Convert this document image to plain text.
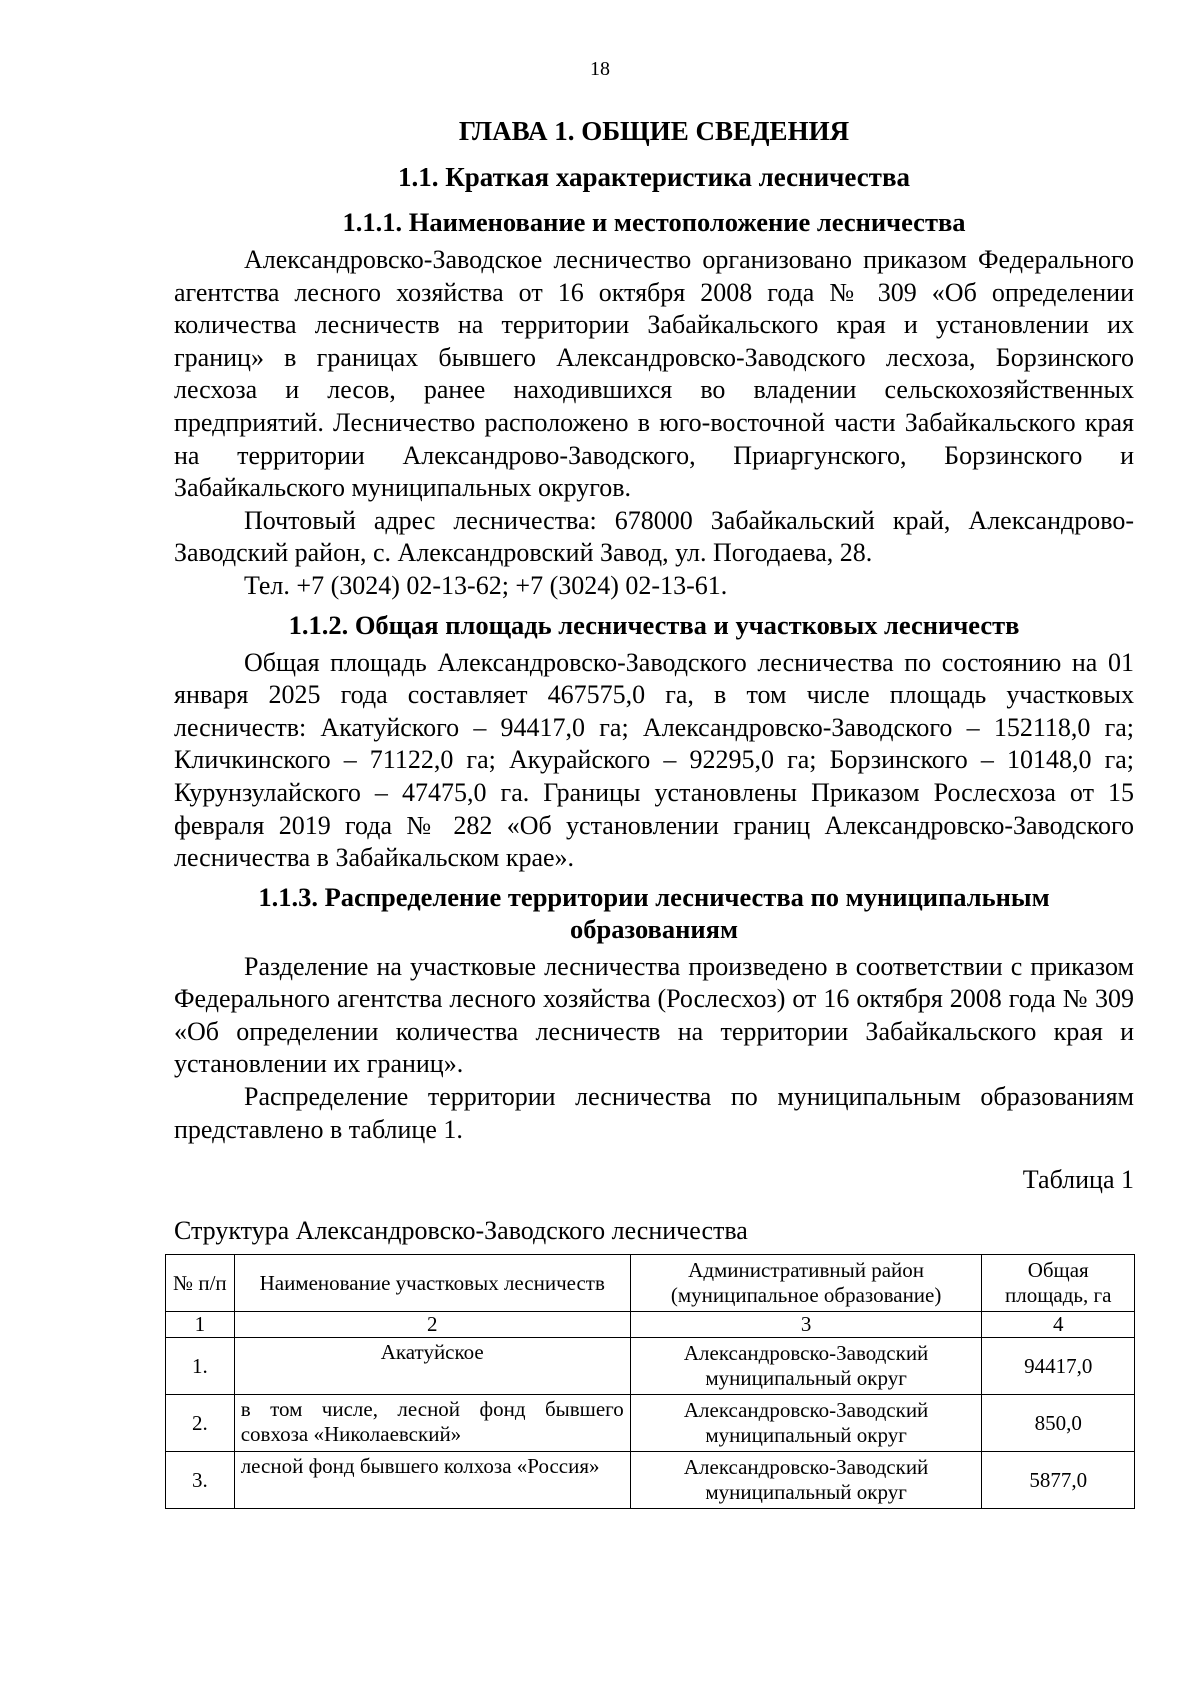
18
ГЛАВА 1. ОБЩИЕ СВЕДЕНИЯ
1.1. Краткая характеристика лесничества
1.1.1. Наименование и местоположение лесничества

Александровско-Заводское лесничество организовано приказом Федерального агентства лесного хозяйства от 16 октября 2008 года № 309 «Об определении количества лесничеств на территории Забайкальского края и установлении их границ» в границах бывшего Александровско-Заводского лесхоза, Борзинского лесхоза и лесов, ранее находившихся во владении сельскохозяйственных предприятий. Лесничество расположено в юго-восточной части Забайкальского края на территории Александрово-Заводского, Приаргунского, Борзинского и Забайкальского муниципальных округов.

Почтовый адрес лесничества: 678000 Забайкальский край, Александрово-Заводский район, с. Александровский Завод, ул. Погодаева, 28.

Тел. +7 (3024) 02-13-62; +7 (3024) 02-13-61.

1.1.2. Общая площадь лесничества и участковых лесничеств

Общая площадь Александровско-Заводского лесничества по состоянию на 01 января 2025 года составляет 467575,0 га, в том числе площадь участковых лесничеств: Акатуйского – 94417,0 га; Александровско-Заводского – 152118,0 га; Кличкинского – 71122,0 га; Акурайского – 92295,0 га; Борзинского – 10148,0 га; Курунзулайского – 47475,0 га. Границы установлены Приказом Рослесхоза от 15 февраля 2019 года № 282 «Об установлении границ Александровско-Заводского лесничества в Забайкальском крае».

1.1.3. Распределение территории лесничества по муниципальным
образованиям

Разделение на участковые лесничества произведено в соответствии с приказом Федерального агентства лесного хозяйства (Рослесхоз) от 16 октября 2008 года № 309 «Об определении количества лесничеств на территории Забайкальского края и установлении их границ».

Распределение территории лесничества по муниципальным образованиям представлено в таблице 1.

Таблица 1
Структура Александровско-Заводского лесничества
№ п/п	Наименование участковых лесничеств	Административный район (муниципальное образование)	Общая площадь, га
1	2	3	4
1.	Акатуйское	Александровско-Заводский муниципальный округ	94417,0
2.	в том числе, лесной фонд бывшего совхоза «Николаевский»	Александровско-Заводский муниципальный округ	850,0
3.	лесной фонд бывшего колхоза «Россия»	Александровско-Заводский муниципальный округ	5877,0
